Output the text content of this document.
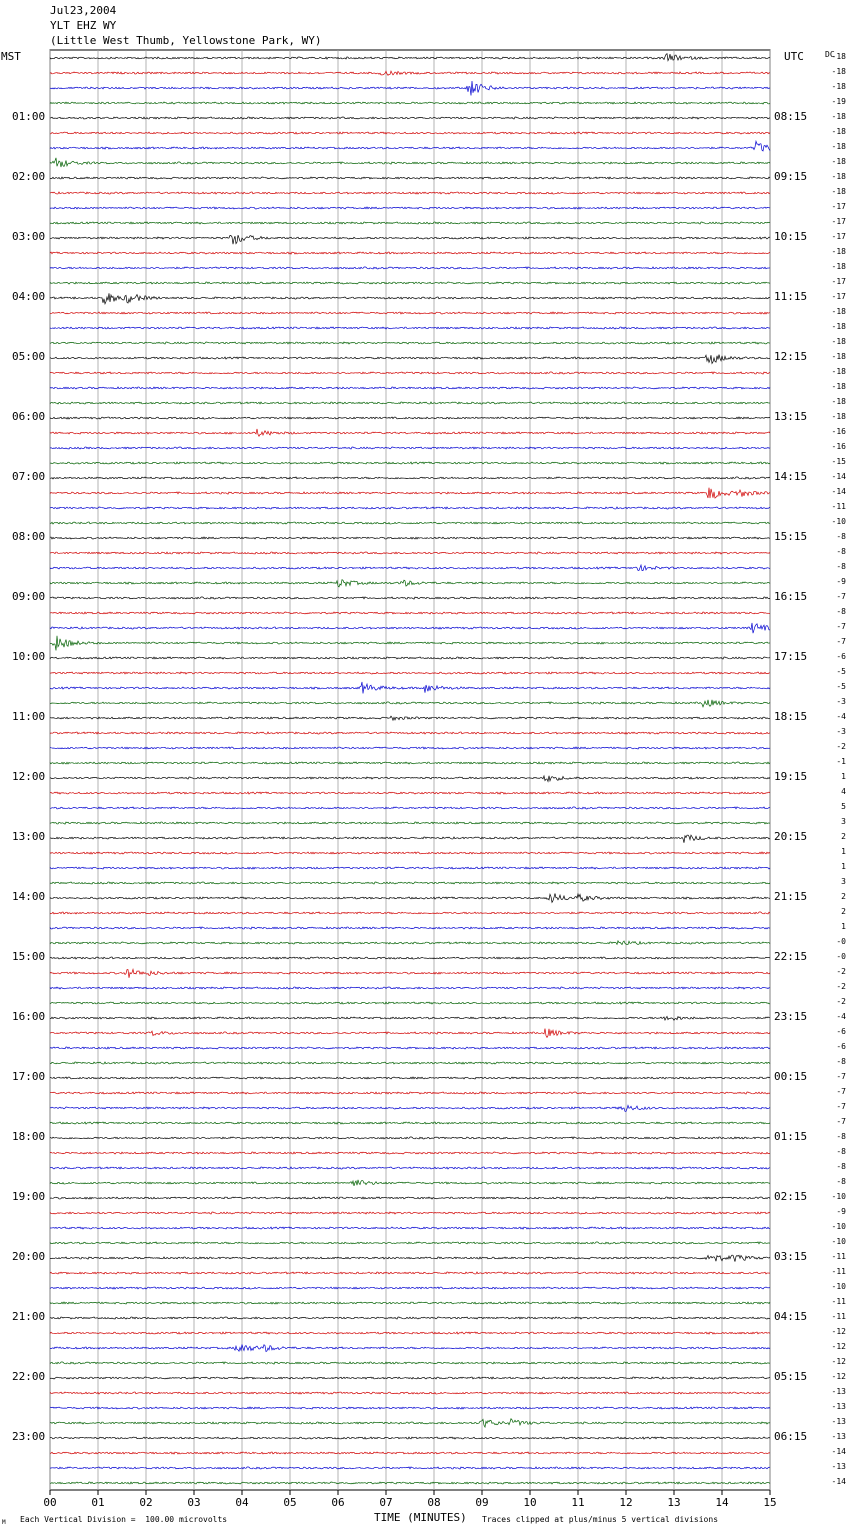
Jul23,2004
YLT EHZ WY
(Little West Thumb, Yellowstone Park, WY)
MST	UTC	DC
00	01	02	03	04	05	06	07	08	09	10	11	12	13	14	15
-18
-18
-18
-19
-18
-18
-18
-18
-18
-18
-17
-17
-17
-18
-18
-17
-17
-18
-18
-18
-18
-18
-18
-18
-18
-16
-16
-15
-14
-14
-11
-10
-8
-8
-8
-9
-7
-8
-7
-7
-6
-5
-5
-3
-4
-3
-2
-1
1
4
5
3
2
1
1
3
2
2
1
-0
-0
-2
-2
-2
-4
-6
-6
-8
-7
-7
-7
-7
-8
-8
-8
-8
-10
-9
-10
-10
-11
-11
-10
-11
-11
-12
-12
-12
-12
-13
-13
-13
-13
-14
-13
-14
01:00
02:00
03:00
04:00
05:00
06:00
07:00
08:00
09:00
10:00
11:00
12:00
13:00
14:00
15:00
16:00
17:00
18:00
19:00
20:00
21:00
22:00
23:00
08:15
09:15
10:15
11:15
12:15
13:15
14:15
15:15
16:15
17:15
18:15
19:15
20:15
21:15
22:15
23:15
00:15
01:15
02:15
03:15
04:15
05:15
06:15
TIME (MINUTES)
Each Vertical Division =  100.00 microvolts	Traces clipped at plus/minus 5 vertical divisions
M
